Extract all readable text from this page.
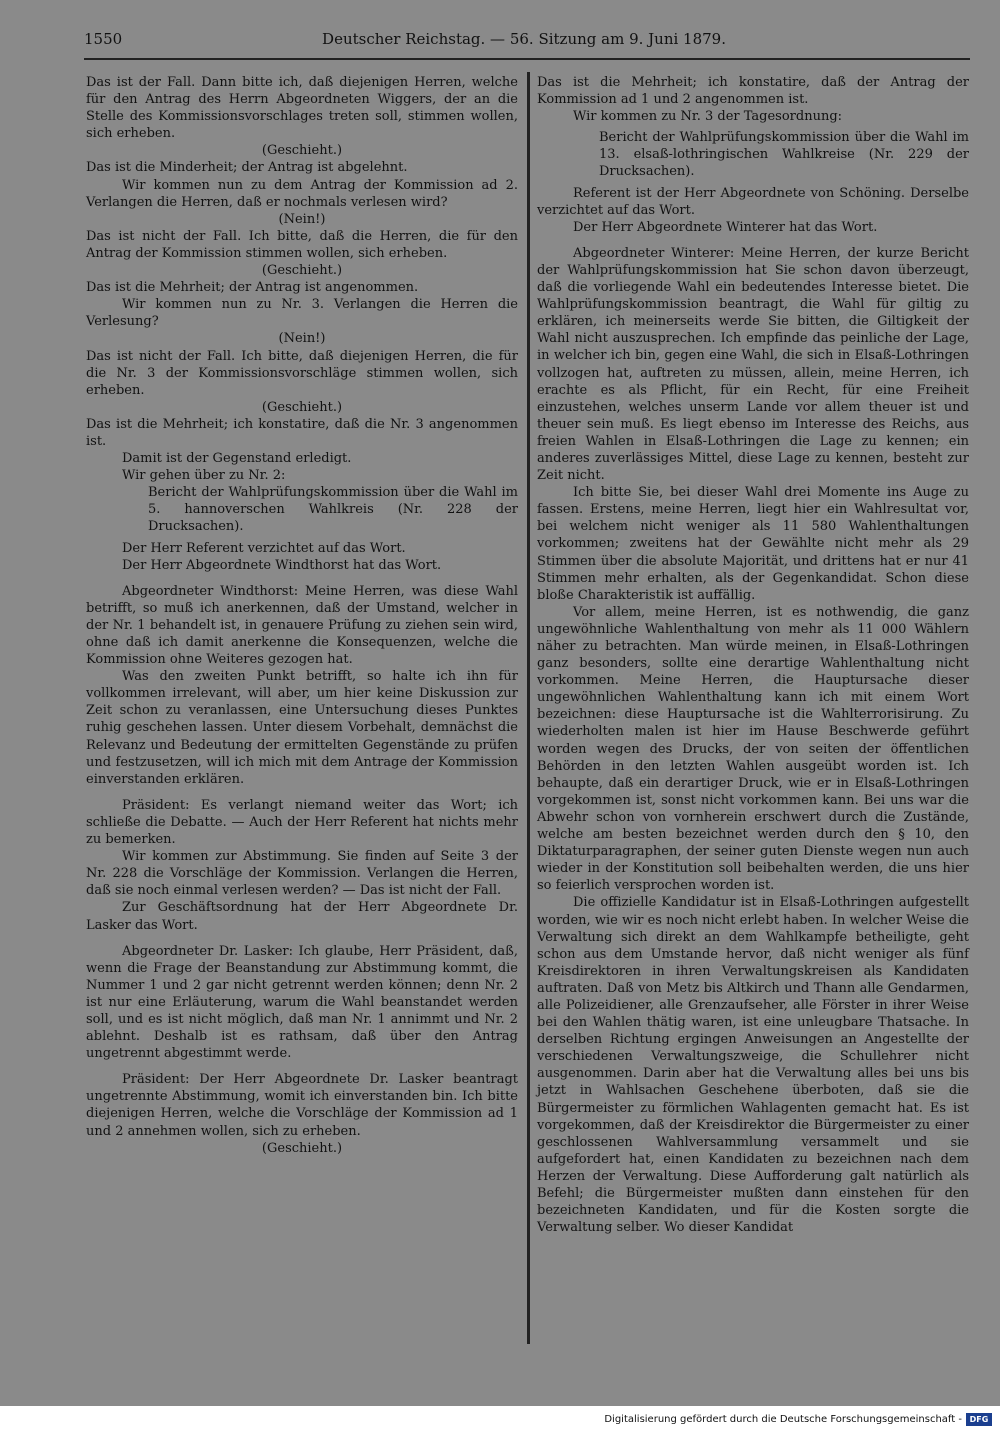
1550	Deutscher Reichstag. — 56. Sitzung am 9. Juni 1879.

Das ist der Fall. Dann bitte ich, daß diejenigen Herren, welche für den Antrag des Herrn Abgeordneten Wiggers, der an die Stelle des Kommissionsvorschlages treten soll, stimmen wollen, sich erheben.

(Geschieht.)

Das ist die Minderheit; der Antrag ist abgelehnt.

Wir kommen nun zu dem Antrag der Kommission ad 2. Verlangen die Herren, daß er nochmals verlesen wird?

(Nein!)

Das ist nicht der Fall. Ich bitte, daß die Herren, die für den Antrag der Kommission stimmen wollen, sich erheben.

(Geschieht.)

Das ist die Mehrheit; der Antrag ist angenommen.

Wir kommen nun zu Nr. 3. Verlangen die Herren die Verlesung?

(Nein!)

Das ist nicht der Fall. Ich bitte, daß diejenigen Herren, die für die Nr. 3 der Kommissionsvorschläge stimmen wollen, sich erheben.

(Geschieht.)

Das ist die Mehrheit; ich konstatire, daß die Nr. 3 angenommen ist.

Damit ist der Gegenstand erledigt.

Wir gehen über zu Nr. 2:

Bericht der Wahlprüfungskommission über die Wahl im 5. hannoverschen Wahlkreis (Nr. 228 der Drucksachen).

Der Herr Referent verzichtet auf das Wort.

Der Herr Abgeordnete Windthorst hat das Wort.

Abgeordneter Windthorst: Meine Herren, was diese Wahl betrifft, so muß ich anerkennen, daß der Umstand, welcher in der Nr. 1 behandelt ist, in genauere Prüfung zu ziehen sein wird, ohne daß ich damit anerkenne die Konsequenzen, welche die Kommission ohne Weiteres gezogen hat.

Was den zweiten Punkt betrifft, so halte ich ihn für vollkommen irrelevant, will aber, um hier keine Diskussion zur Zeit schon zu veranlassen, eine Untersuchung dieses Punktes ruhig geschehen lassen. Unter diesem Vorbehalt, demnächst die Relevanz und Bedeutung der ermittelten Gegenstände zu prüfen und festzusetzen, will ich mich mit dem Antrage der Kommission einverstanden erklären.

Präsident: Es verlangt niemand weiter das Wort; ich schließe die Debatte. — Auch der Herr Referent hat nichts mehr zu bemerken.

Wir kommen zur Abstimmung. Sie finden auf Seite 3 der Nr. 228 die Vorschläge der Kommission. Verlangen die Herren, daß sie noch einmal verlesen werden? — Das ist nicht der Fall.

Zur Geschäftsordnung hat der Herr Abgeordnete Dr. Lasker das Wort.

Abgeordneter Dr. Lasker: Ich glaube, Herr Präsident, daß, wenn die Frage der Beanstandung zur Abstimmung kommt, die Nummer 1 und 2 gar nicht getrennt werden können; denn Nr. 2 ist nur eine Erläuterung, warum die Wahl beanstandet werden soll, und es ist nicht möglich, daß man Nr. 1 annimmt und Nr. 2 ablehnt. Deshalb ist es rathsam, daß über den Antrag ungetrennt abgestimmt werde.

Präsident: Der Herr Abgeordnete Dr. Lasker beantragt ungetrennte Abstimmung, womit ich einverstanden bin. Ich bitte diejenigen Herren, welche die Vorschläge der Kommission ad 1 und 2 annehmen wollen, sich zu erheben.

(Geschieht.)

Das ist die Mehrheit; ich konstatire, daß der Antrag der Kommission ad 1 und 2 angenommen ist.

Wir kommen zu Nr. 3 der Tagesordnung:

Bericht der Wahlprüfungskommission über die Wahl im 13. elsaß-lothringischen Wahlkreise (Nr. 229 der Drucksachen).

Referent ist der Herr Abgeordnete von Schöning. Derselbe verzichtet auf das Wort.

Der Herr Abgeordnete Winterer hat das Wort.

Abgeordneter Winterer: Meine Herren, der kurze Bericht der Wahlprüfungskommission hat Sie schon davon überzeugt, daß die vorliegende Wahl ein bedeutendes Interesse bietet. Die Wahlprüfungskommission beantragt, die Wahl für giltig zu erklären, ich meinerseits werde Sie bitten, die Giltigkeit der Wahl nicht auszusprechen. Ich empfinde das peinliche der Lage, in welcher ich bin, gegen eine Wahl, die sich in Elsaß-Lothringen vollzogen hat, auftreten zu müssen, allein, meine Herren, ich erachte es als Pflicht, für ein Recht, für eine Freiheit einzustehen, welches unserm Lande vor allem theuer ist und theuer sein muß. Es liegt ebenso im Interesse des Reichs, aus freien Wahlen in Elsaß-Lothringen die Lage zu kennen; ein anderes zuverlässiges Mittel, diese Lage zu kennen, besteht zur Zeit nicht.

Ich bitte Sie, bei dieser Wahl drei Momente ins Auge zu fassen. Erstens, meine Herren, liegt hier ein Wahlresultat vor, bei welchem nicht weniger als 11 580 Wahlenthaltungen vorkommen; zweitens hat der Gewählte nicht mehr als 29 Stimmen über die absolute Majorität, und drittens hat er nur 41 Stimmen mehr erhalten, als der Gegenkandidat. Schon diese bloße Charakteristik ist auffällig.

Vor allem, meine Herren, ist es nothwendig, die ganz ungewöhnliche Wahlenthaltung von mehr als 11 000 Wählern näher zu betrachten. Man würde meinen, in Elsaß-Lothringen ganz besonders, sollte eine derartige Wahlenthaltung nicht vorkommen. Meine Herren, die Hauptursache dieser ungewöhnlichen Wahlenthaltung kann ich mit einem Wort bezeichnen: diese Hauptursache ist die Wahlterrorisirung. Zu wiederholten malen ist hier im Hause Beschwerde geführt worden wegen des Drucks, der von seiten der öffentlichen Behörden in den letzten Wahlen ausgeübt worden ist. Ich behaupte, daß ein derartiger Druck, wie er in Elsaß-Lothringen vorgekommen ist, sonst nicht vorkommen kann. Bei uns war die Abwehr schon von vornherein erschwert durch die Zustände, welche am besten bezeichnet werden durch den § 10, den Diktaturparagraphen, der seiner guten Dienste wegen nun auch wieder in der Konstitution soll beibehalten werden, die uns hier so feierlich versprochen worden ist.

Die offizielle Kandidatur ist in Elsaß-Lothringen aufgestellt worden, wie wir es noch nicht erlebt haben. In welcher Weise die Verwaltung sich direkt an dem Wahlkampfe betheiligte, geht schon aus dem Umstande hervor, daß nicht weniger als fünf Kreisdirektoren in ihren Verwaltungskreisen als Kandidaten auftraten. Daß von Metz bis Altkirch und Thann alle Gendarmen, alle Polizeidiener, alle Grenzaufseher, alle Förster in ihrer Weise bei den Wahlen thätig waren, ist eine unleugbare Thatsache. In derselben Richtung ergingen Anweisungen an Angestellte der verschiedenen Verwaltungszweige, die Schullehrer nicht ausgenommen. Darin aber hat die Verwaltung alles bei uns bis jetzt in Wahlsachen Geschehene überboten, daß sie die Bürgermeister zu förmlichen Wahlagenten gemacht hat. Es ist vorgekommen, daß der Kreisdirektor die Bürgermeister zu einer geschlossenen Wahlversammlung versammelt und sie aufgefordert hat, einen Kandidaten zu bezeichnen nach dem Herzen der Verwaltung. Diese Aufforderung galt natürlich als Befehl; die Bürgermeister mußten dann einstehen für den bezeichneten Kandidaten, und für die Kosten sorgte die Verwaltung selber. Wo dieser Kandidat

Digitalisierung gefördert durch die Deutsche Forschungsgemeinschaft - DFG
